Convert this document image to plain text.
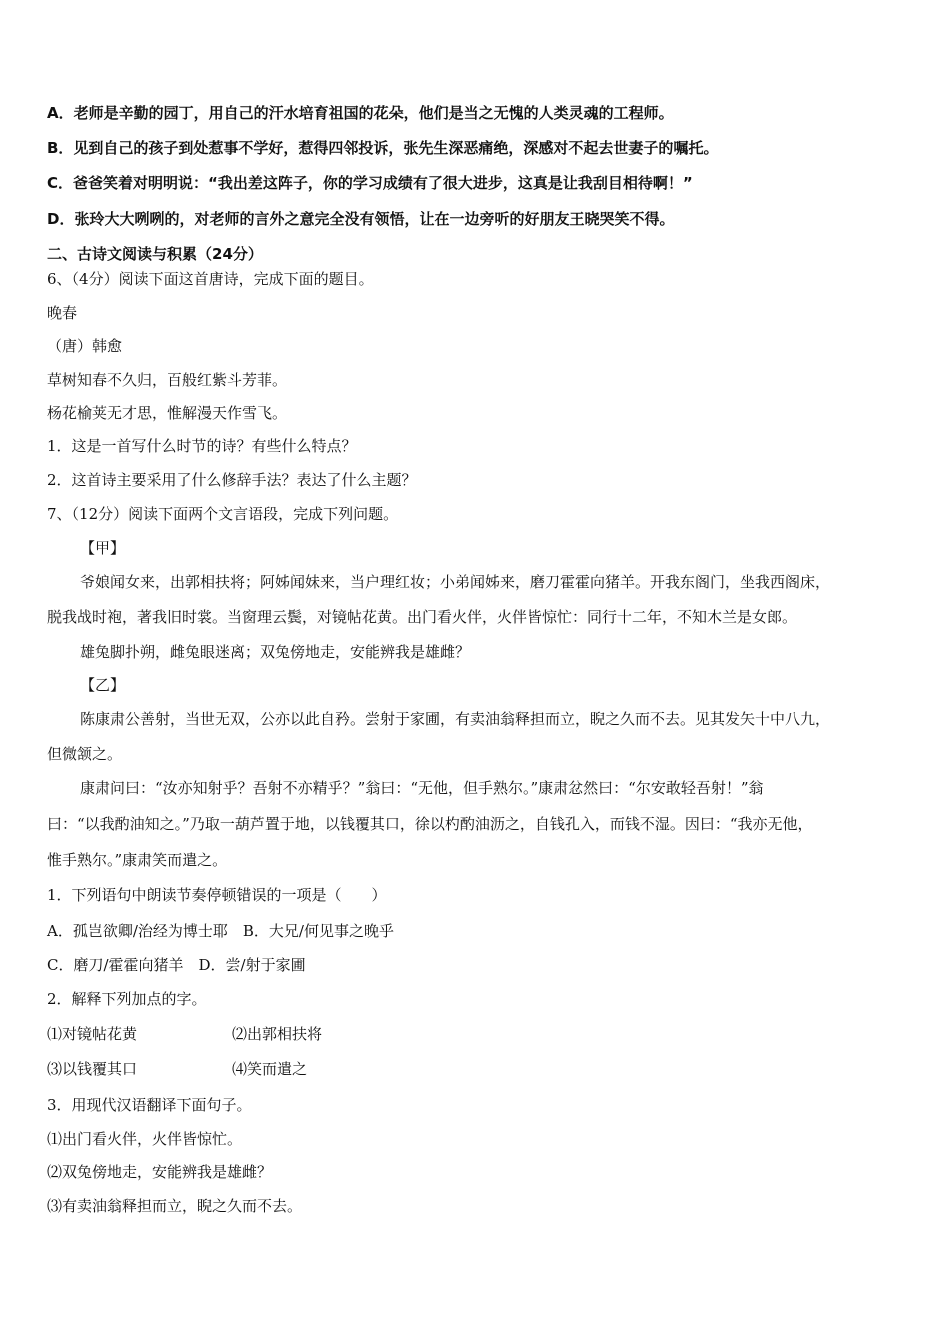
A．老师是辛勤的园丁，用自己的汗水培育祖国的花朵，他们是当之无愧的人类灵魂的工程师。
B．见到自己的孩子到处惹事不学好，惹得四邻投诉，张先生深恶痛绝，深感对不起去世妻子的嘱托。
C．爸爸笑着对明明说：“我出差这阵子，你的学习成绩有了很大进步，这真是让我刮目相待啊！”
D．张玲大大咧咧的，对老师的言外之意完全没有领悟，让在一边旁听的好朋友王晓哭笑不得。
二、古诗文阅读与积累（24分）
6、（4分）阅读下面这首唐诗，完成下面的题目。
晚春
（唐）韩愈
草树知春不久归，百般红紫斗芳菲。
杨花榆荚无才思，惟解漫天作雪飞。
1．这是一首写什么时节的诗？有些什么特点？
2．这首诗主要采用了什么修辞手法？表达了什么主题？
7、（12分）阅读下面两个文言语段，完成下列问题。
【甲】
爷娘闻女来，出郭相扶将；阿姊闻妹来，当户理红妆；小弟闻姊来，磨刀霍霍向猪羊。开我东阁门，坐我西阁床，
脱我战时袍，著我旧时裳。当窗理云鬓，对镜帖花黄。出门看火伴，火伴皆惊忙：同行十二年，不知木兰是女郎。
雄兔脚扑朔，雌兔眼迷离；双兔傍地走，安能辨我是雄雌？
【乙】
陈康肃公善射，当世无双，公亦以此自矜。尝射于家圃，有卖油翁释担而立，睨之久而不去。见其发矢十中八九，
但微颔之。
康肃问曰：“汝亦知射乎？吾射不亦精乎？”翁曰：“无他，但手熟尔。”康肃忿然曰：“尔安敢轻吾射！”翁
曰：“以我酌油知之。”乃取一葫芦置于地，以钱覆其口，徐以杓酌油沥之，自钱孔入，而钱不湿。因曰：“我亦无他，
惟手熟尔。”康肃笑而遣之。
1．下列语句中朗读节奏停顿错误的一项是（　　）
A．孤岂欲卿/治经为博士耶　B．大兄/何见事之晚乎
C．磨刀/霍霍向猪羊　D．尝/射于家圃
2．解释下列加点的字。
⑴对镜帖花黄	⑵出郭相扶将
⑶以钱覆其口	⑷笑而遣之
3．用现代汉语翻译下面句子。
⑴出门看火伴，火伴皆惊忙。
⑵双兔傍地走，安能辨我是雄雌？
⑶有卖油翁释担而立，睨之久而不去。
